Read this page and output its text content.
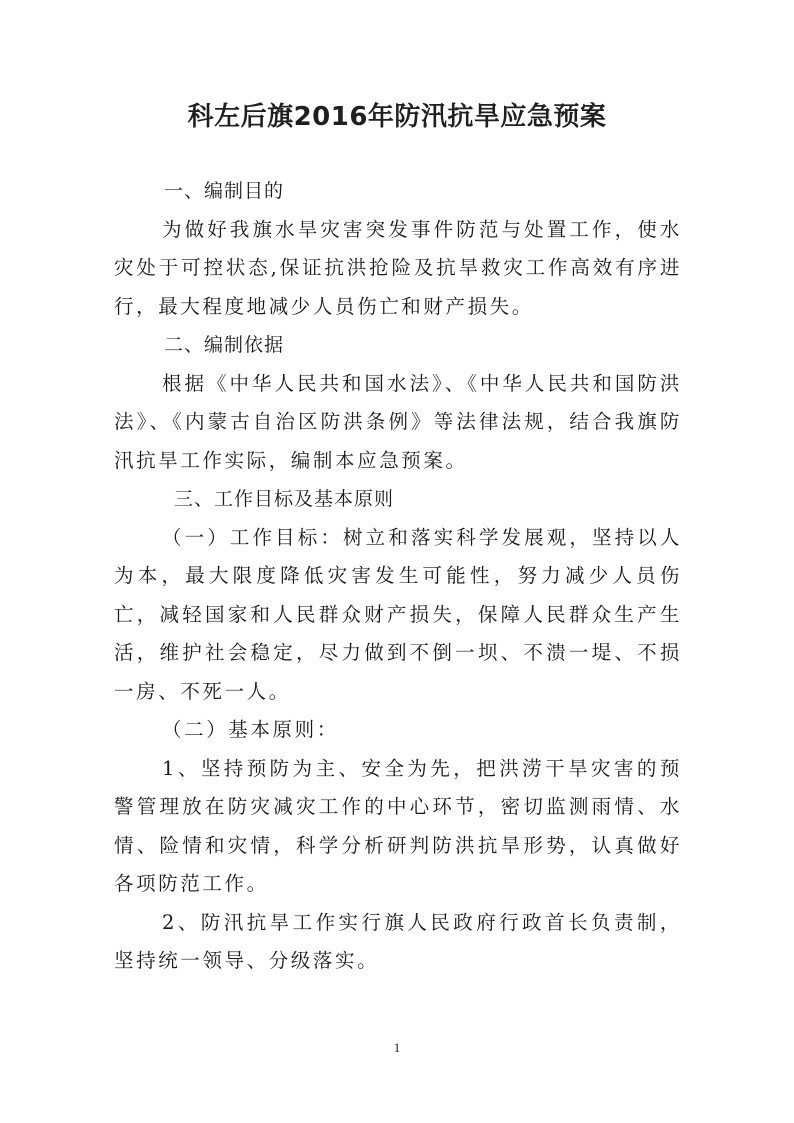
科左后旗2016年防汛抗旱应急预案

一、编制目的

为做好我旗水旱灾害突发事件防范与处置工作，使水灾处于可控状态,保证抗洪抢险及抗旱救灾工作高效有序进行，最大程度地减少人员伤亡和财产损失。

二、编制依据

根据《中华人民共和国水法》、《中华人民共和国防洪法》、《内蒙古自治区防洪条例》等法律法规，结合我旗防汛抗旱工作实际，编制本应急预案。

三、工作目标及基本原则

（一）工作目标：树立和落实科学发展观，坚持以人为本，最大限度降低灾害发生可能性，努力减少人员伤亡，减轻国家和人民群众财产损失，保障人民群众生产生活，维护社会稳定，尽力做到不倒一坝、不溃一堤、不损一房、不死一人。

（二）基本原则：

1、坚持预防为主、安全为先，把洪涝干旱灾害的预警管理放在防灾减灾工作的中心环节，密切监测雨情、水情、险情和灾情，科学分析研判防洪抗旱形势，认真做好各项防范工作。

2、防汛抗旱工作实行旗人民政府行政首长负责制，坚持统一领导、分级落实。

1
